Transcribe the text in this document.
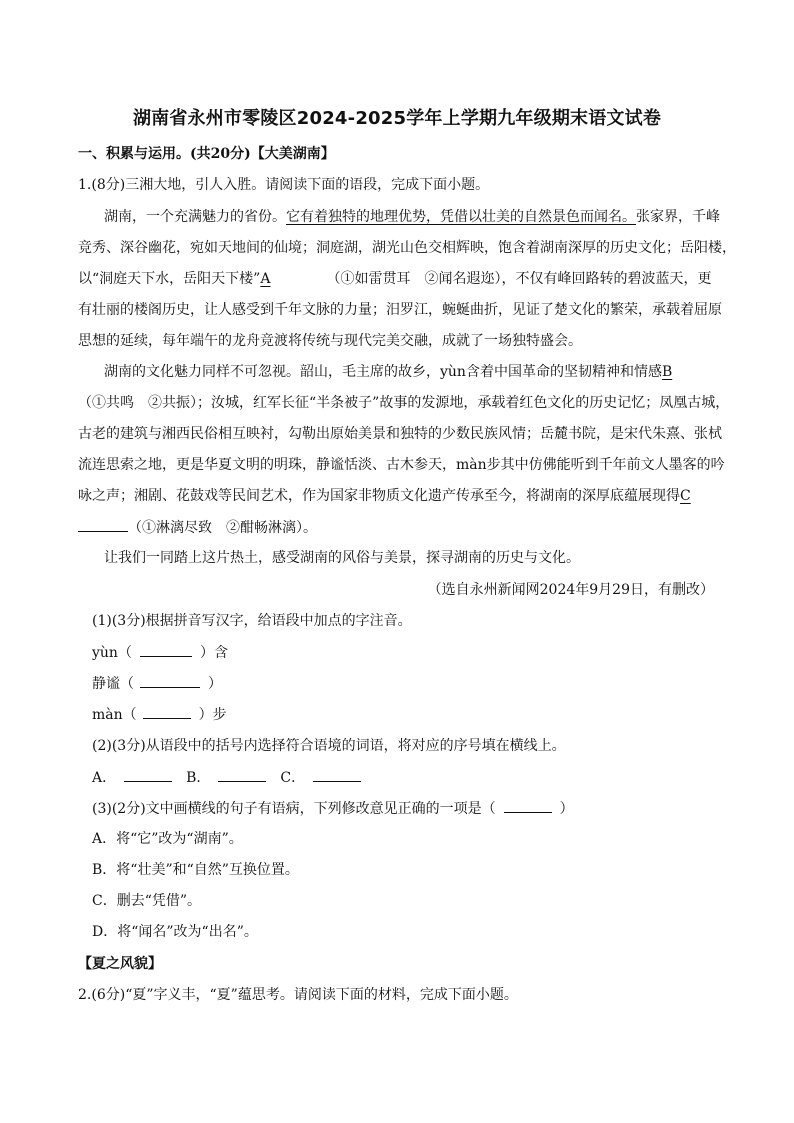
湖南省永州市零陵区2024-2025学年上学期九年级期末语文试卷
一、积累与运用。(共20分)【大美湖南】
1.(8分)三湘大地，引人入胜。请阅读下面的语段，完成下面小题。
湖南，一个充满魅力的省份。它有着独特的地理优势，凭借以壮美的自然景色而闻名。张家界，千峰
竞秀、深谷幽花，宛如天地间的仙境；洞庭湖，湖光山色交相辉映，饱含着湖南深厚的历史文化；岳阳楼，
以“洞庭天下水，岳阳天下楼”A	（①如雷贯耳　②闻名遐迩），不仅有峰回路转的碧波蓝天，更
有壮丽的楼阁历史，让人感受到千年文脉的力量；汨罗江，蜿蜒曲折，见证了楚文化的繁荣，承载着屈原
思想的延续，每年端午的龙舟竞渡将传统与现代完美交融，成就了一场独特盛会。
湖南的文化魅力同样不可忽视。韶山，毛主席的故乡，yùn含着中国革命的坚韧精神和情感B
（①共鸣　②共振）；汝城，红军长征“半条被子”故事的发源地，承载着红色文化的历史记忆；凤凰古城，
古老的建筑与湘西民俗相互映衬，勾勒出原始美景和独特的少数民族风情；岳麓书院，是宋代朱熹、张栻
流连思索之地，更是华夏文明的明珠，静谧恬淡、古木参天，màn步其中仿佛能听到千年前文人墨客的吟
咏之声；湘剧、花鼓戏等民间艺术，作为国家非物质文化遗产传承至今，将湖南的深厚底蕴展现得C
（①淋漓尽致　②酣畅淋漓）。
让我们一同踏上这片热土，感受湖南的风俗与美景，探寻湖南的历史与文化。
（选自永州新闻网2024年9月29日，有删改）
(1)(3分)根据拼音写汉字，给语段中加点的字注音。
yùn（	）含
静谧（	）
màn（	）步
(2)(3分)从语段中的括号内选择符合语境的词语，将对应的序号填在横线上。
A．	B．	C．
(3)(2分)文中画横线的句子有语病，下列修改意见正确的一项是（	）
A．将“它”改为“湖南”。
B．将“壮美”和“自然”互换位置。
C．删去“凭借”。
D．将“闻名”改为“出名”。
【夏之风貌】
2.(6分)“夏”字义丰，“夏”蕴思考。请阅读下面的材料，完成下面小题。
